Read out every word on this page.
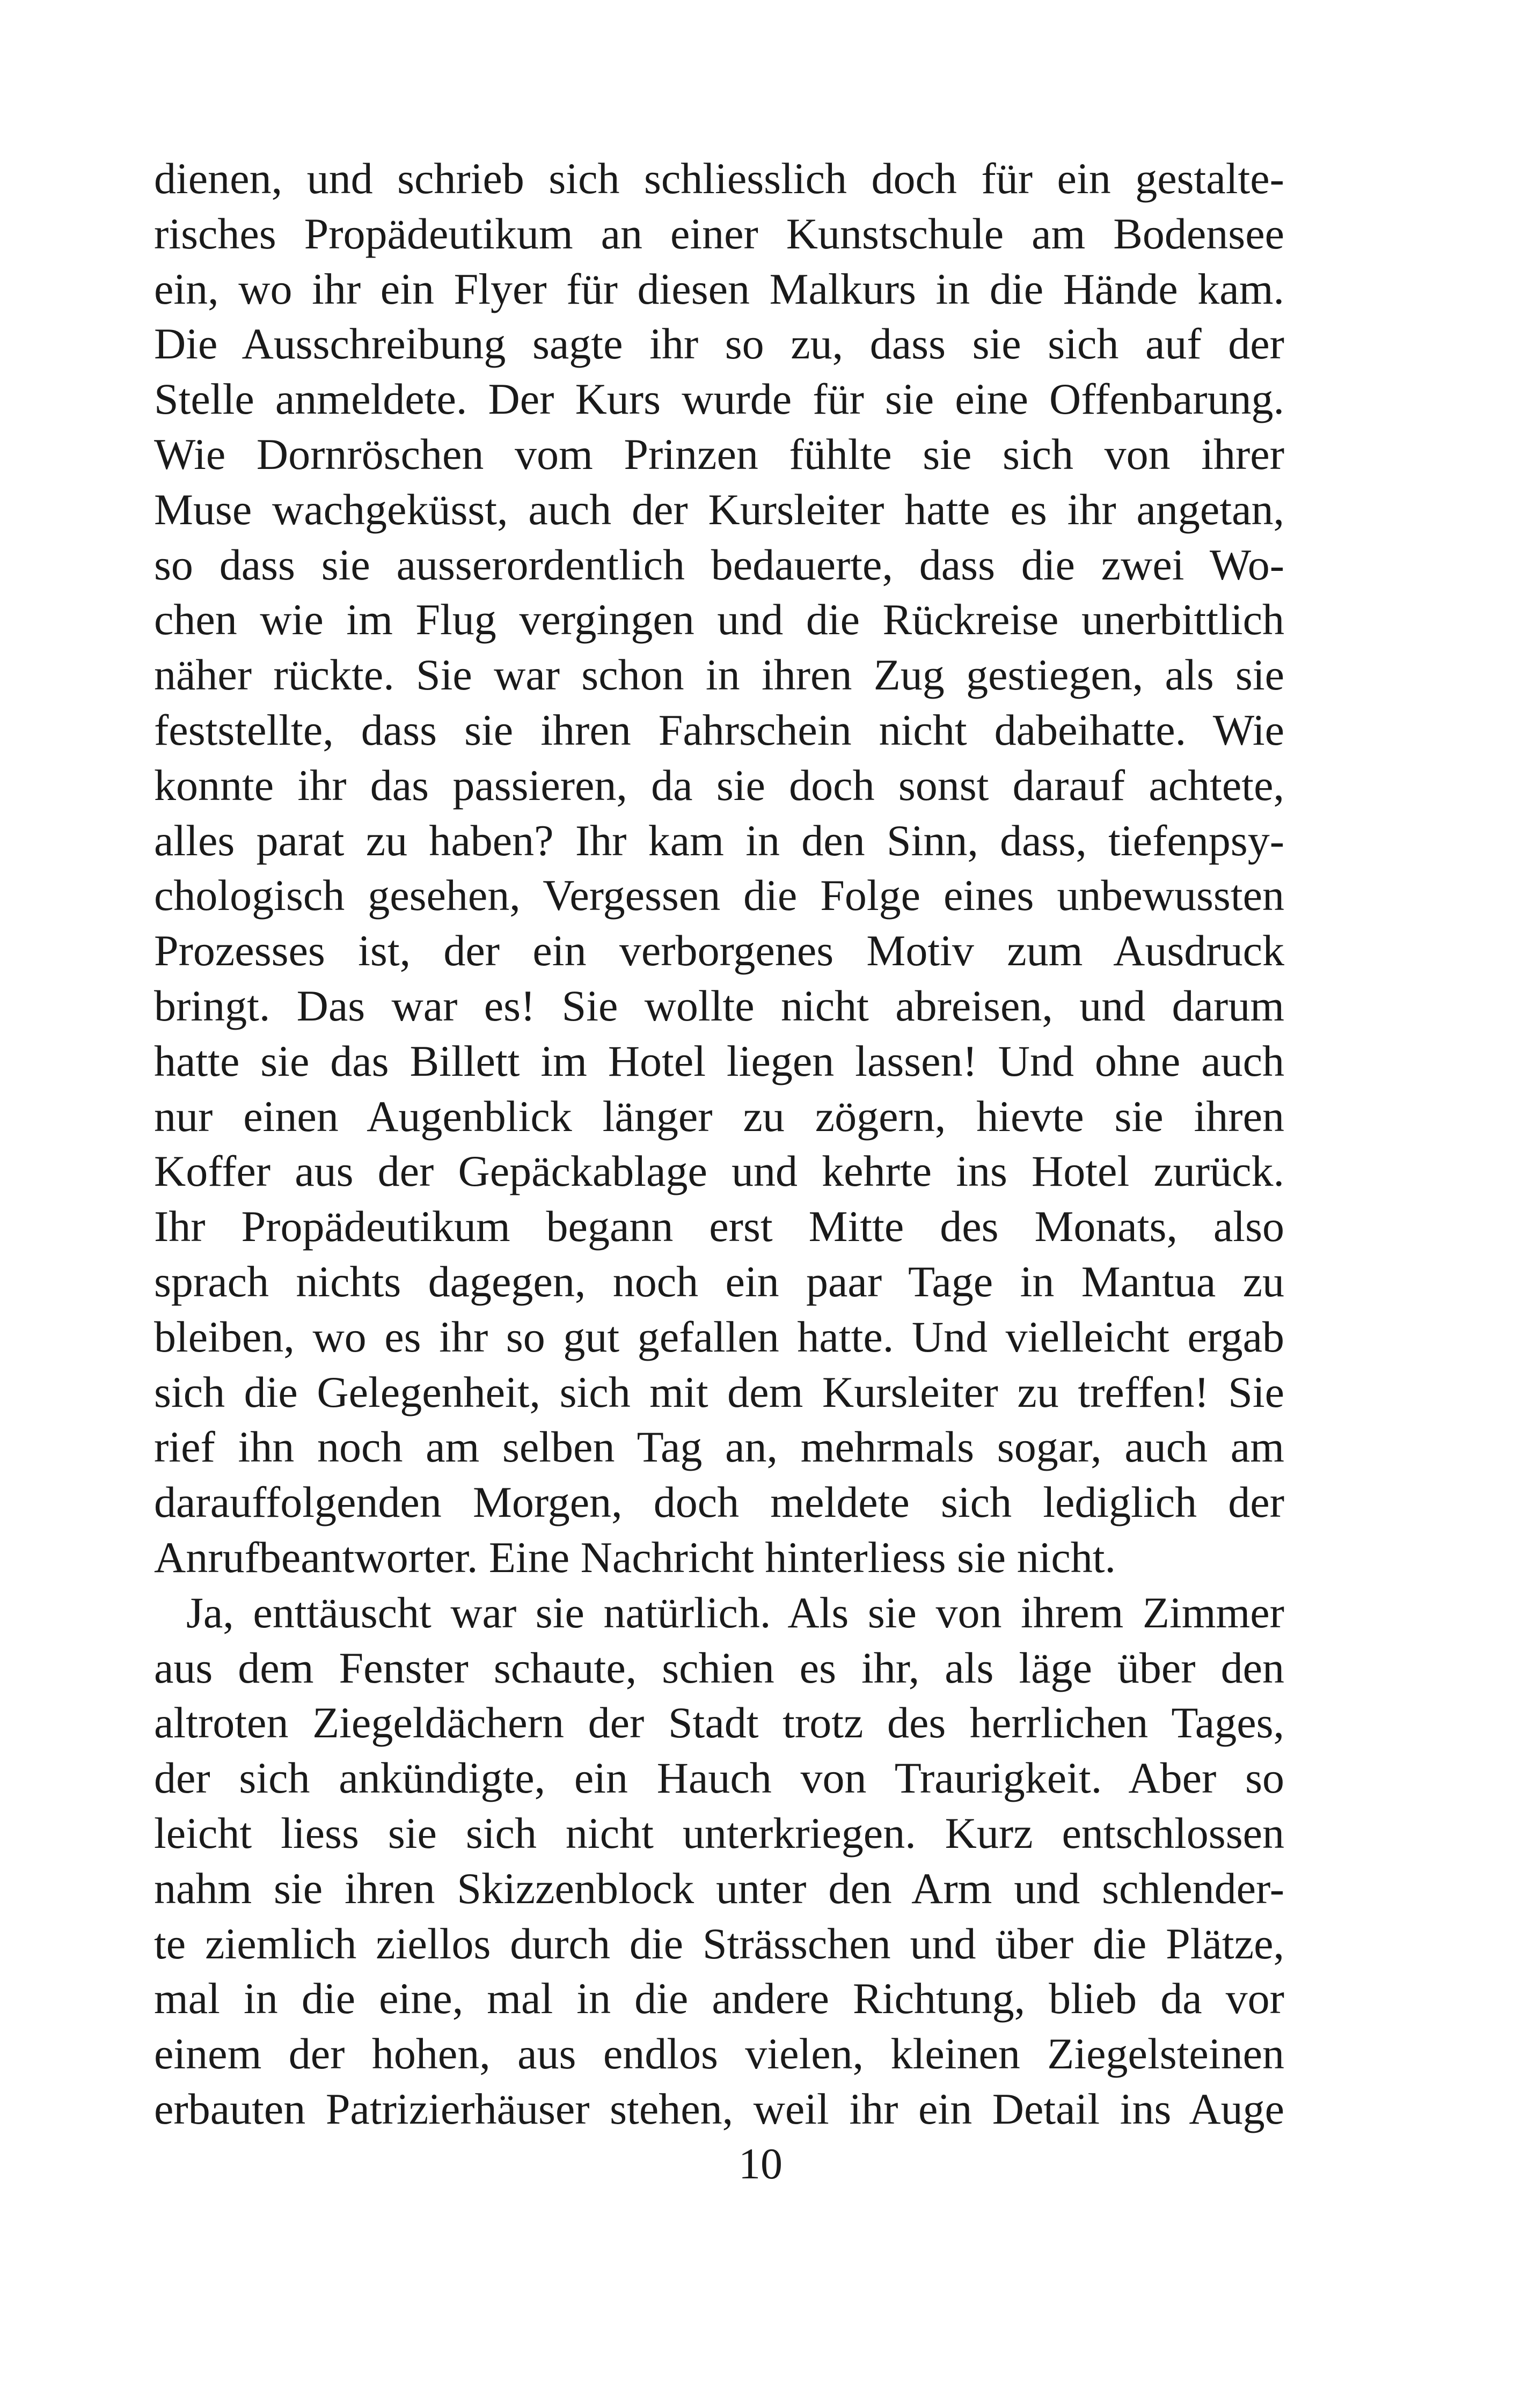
dienen, und schrieb sich schliesslich doch für ein gestalte-
risches Propädeutikum an einer Kunstschule am Bodensee
ein, wo ihr ein Flyer für diesen Malkurs in die Hände kam.
Die Ausschreibung sagte ihr so zu, dass sie sich auf der
Stelle anmeldete. Der Kurs wurde für sie eine Offenbarung.
Wie Dornröschen vom Prinzen fühlte sie sich von ihrer
Muse wachgeküsst, auch der Kursleiter hatte es ihr angetan,
so dass sie ausserordentlich bedauerte, dass die zwei Wo-
chen wie im Flug vergingen und die Rückreise unerbittlich
näher rückte. Sie war schon in ihren Zug gestiegen, als sie
feststellte, dass sie ihren Fahrschein nicht dabeihatte. Wie
konnte ihr das passieren, da sie doch sonst darauf achtete,
alles parat zu haben? Ihr kam in den Sinn, dass, tiefenpsy-
chologisch gesehen, Vergessen die Folge eines unbewussten
Prozesses ist, der ein verborgenes Motiv zum Ausdruck
bringt. Das war es! Sie wollte nicht abreisen, und darum
hatte sie das Billett im Hotel liegen lassen! Und ohne auch
nur einen Augenblick länger zu zögern, hievte sie ihren
Koffer aus der Gepäckablage und kehrte ins Hotel zurück.
Ihr Propädeutikum begann erst Mitte des Monats, also
sprach nichts dagegen, noch ein paar Tage in Mantua zu
bleiben, wo es ihr so gut gefallen hatte. Und vielleicht ergab
sich die Gelegenheit, sich mit dem Kursleiter zu treffen! Sie
rief ihn noch am selben Tag an, mehrmals sogar, auch am
darauffolgenden Morgen, doch meldete sich lediglich der
Anrufbeantworter. Eine Nachricht hinterliess sie nicht.
Ja, enttäuscht war sie natürlich. Als sie von ihrem Zimmer
aus dem Fenster schaute, schien es ihr, als läge über den
altroten Ziegeldächern der Stadt trotz des herrlichen Tages,
der sich ankündigte, ein Hauch von Traurigkeit. Aber so
leicht liess sie sich nicht unterkriegen. Kurz entschlossen
nahm sie ihren Skizzenblock unter den Arm und schlender-
te ziemlich ziellos durch die Strässchen und über die Plätze,
mal in die eine, mal in die andere Richtung, blieb da vor
einem der hohen, aus endlos vielen, kleinen Ziegelsteinen
erbauten Patrizierhäuser stehen, weil ihr ein Detail ins Auge
10
